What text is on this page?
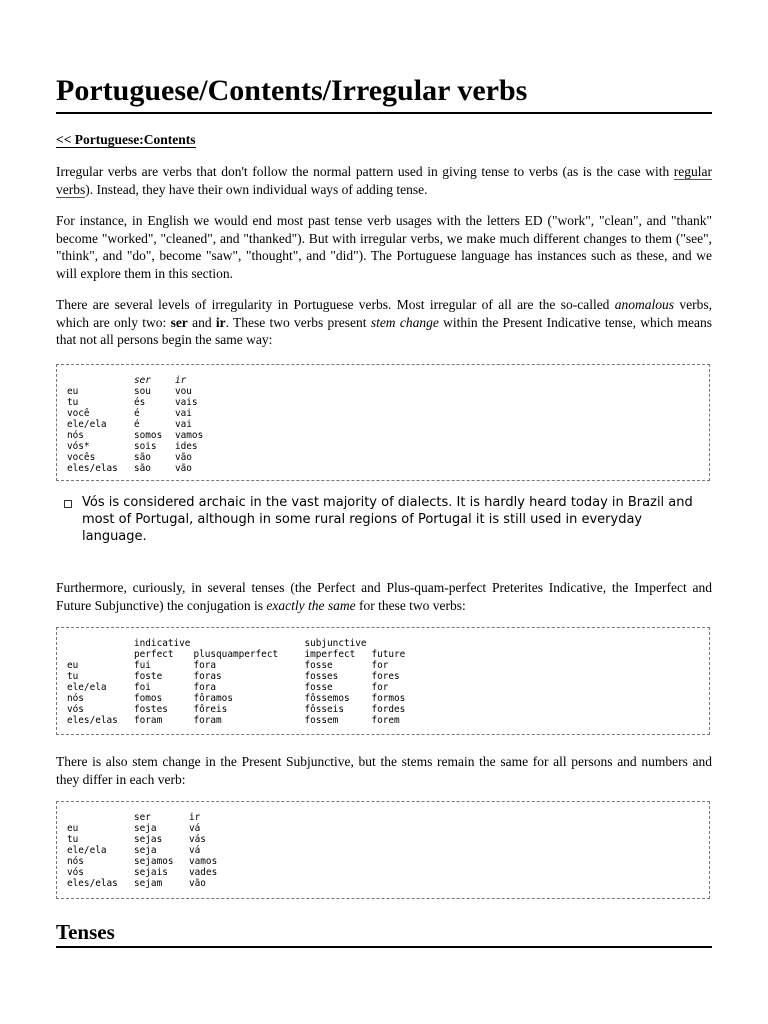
Portuguese/Contents/Irregular verbs
<< Portuguese:Contents

Irregular verbs are verbs that don't follow the normal pattern used in giving tense to verbs (as is the case with regular verbs). Instead, they have their own individual ways of adding tense.

For instance, in English we would end most past tense verb usages with the letters ED ("work", "clean", and "thank" become "worked", "cleaned", and "thanked"). But with irregular verbs, we make much different changes to them ("see", "think", and "do", become "saw", "thought", and "did"). The Portuguese language has instances such as these, and we will explore them in this section.

There are several levels of irregularity in Portuguese verbs. Most irregular of all are the so-called anomalous verbs, which are only two: ser and ir. These two verbs present stem change within the Present Indicative tense, which means that not all persons begin the same way:

	ser	ir
eu	sou	vou
tu	és	vais
você	é	vai
ele/ela	é	vai
nós	somos	vamos
vós*	sois	ides
vocês	são	vão
eles/elas	são	vão
Vós is considered archaic in the vast majority of dialects. It is hardly heard today in Brazil and most of Portugal, although in some rural regions of Portugal it is still used in everyday language.

Furthermore, curiously, in several tenses (the Perfect and Plus-quam-perfect Preterites Indicative, the Imperfect and Future Subjunctive) the conjugation is exactly the same for these two verbs:

	indicative		subjunctive	
	perfect	plusquamperfect	imperfect	future
eu	fui	fora	fosse	for
tu	foste	foras	fosses	fores
ele/ela	foi	fora	fosse	for
nós	fomos	fôramos	fôssemos	formos
vós	fostes	fôreis	fôsseis	fordes
eles/elas	foram	foram	fossem	forem

There is also stem change in the Present Subjunctive, but the stems remain the same for all persons and numbers and they differ in each verb:

	ser	ir
eu	seja	vá
tu	sejas	vás
ele/ela	seja	vá
nós	sejamos	vamos
vós	sejais	vades
eles/elas	sejam	vão
Tenses
